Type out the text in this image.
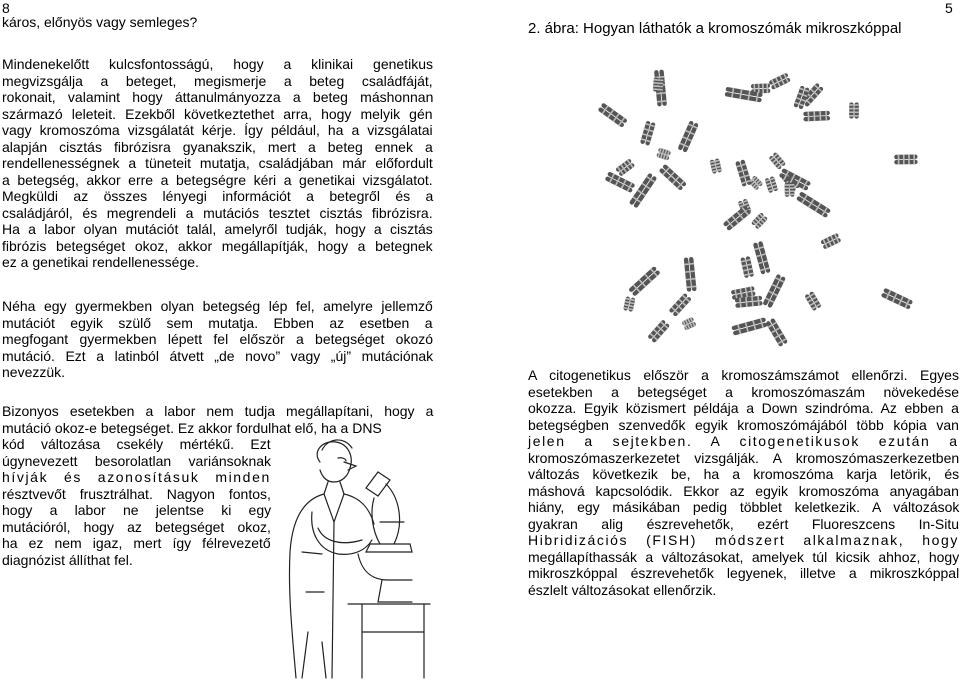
8
káros, előnyös vagy semleges?
Mindenekelőtt kulcsfontosságú, hogy a klinikai genetikus
megvizsgálja a beteget, megismerje a beteg családfáját,
rokonait, valamint hogy áttanulmányozza a beteg máshonnan
származó leleteit. Ezekből következtethet arra, hogy melyik gén
vagy kromoszóma vizsgálatát kérje. Így például, ha a vizsgálatai
alapján cisztás fibrózisra gyanakszik, mert a beteg ennek a
rendellenességnek a tüneteit mutatja, családjában már előfordult
a betegség, akkor erre a betegségre kéri a genetikai vizsgálatot.
Megküldi az összes lényegi információt a betegről és a
családjáról, és megrendeli a mutációs tesztet cisztás fibrózisra.
Ha a labor olyan mutációt talál, amelyről tudják, hogy a cisztás
fibrózis betegséget okoz, akkor megállapítják, hogy a betegnek
ez a genetikai rendellenessége.
Néha egy gyermekben olyan betegség lép fel, amelyre jellemző
mutációt egyik szülő sem mutatja. Ebben az esetben a
megfogant gyermekben lépett fel először a betegséget okozó
mutáció. Ezt a latinból átvett „de novo” vagy „új” mutációnak
nevezzük.
Bizonyos esetekben a labor nem tudja megállapítani, hogy a
mutáció okoz-e betegséget. Ez akkor fordulhat elő, ha a DNS
kód változása csekély mértékű. Ezt
úgynevezett besorolatlan variánsoknak
hívják és azonosításuk minden
résztvevőt frusztrálhat. Nagyon fontos,
hogy a labor ne jelentse ki egy
mutációról, hogy az betegséget okoz,
ha ez nem igaz, mert így félrevezető
diagnózist állíthat fel.
5
2. ábra: Hogyan láthatók a kromoszómák mikroszkóppal
A citogenetikus először a kromoszámszámot ellenőrzi. Egyes
esetekben a betegséget a kromoszómaszám növekedése
okozza. Egyik közismert példája a Down szindróma. Az ebben a
betegségben szenvedők egyik kromoszómájából több kópia van
jelen a sejtekben. A citogenetikusok ezután a
kromoszómaszerkezetet vizsgálják. A kromoszómaszerkezetben
változás következik be, ha a kromoszóma karja letörik, és
máshová kapcsolódik. Ekkor az egyik kromoszóma anyagában
hiány, egy másikában pedig többlet keletkezik. A változások
gyakran alig észrevehetők, ezért Fluoreszcens In-Situ
Hibridizációs (FISH) módszert alkalmaznak, hogy
megállapíthassák a változásokat, amelyek túl kicsik ahhoz, hogy
mikroszkóppal észrevehetők legyenek, illetve a mikroszkóppal
észlelt változásokat ellenőrzik.
